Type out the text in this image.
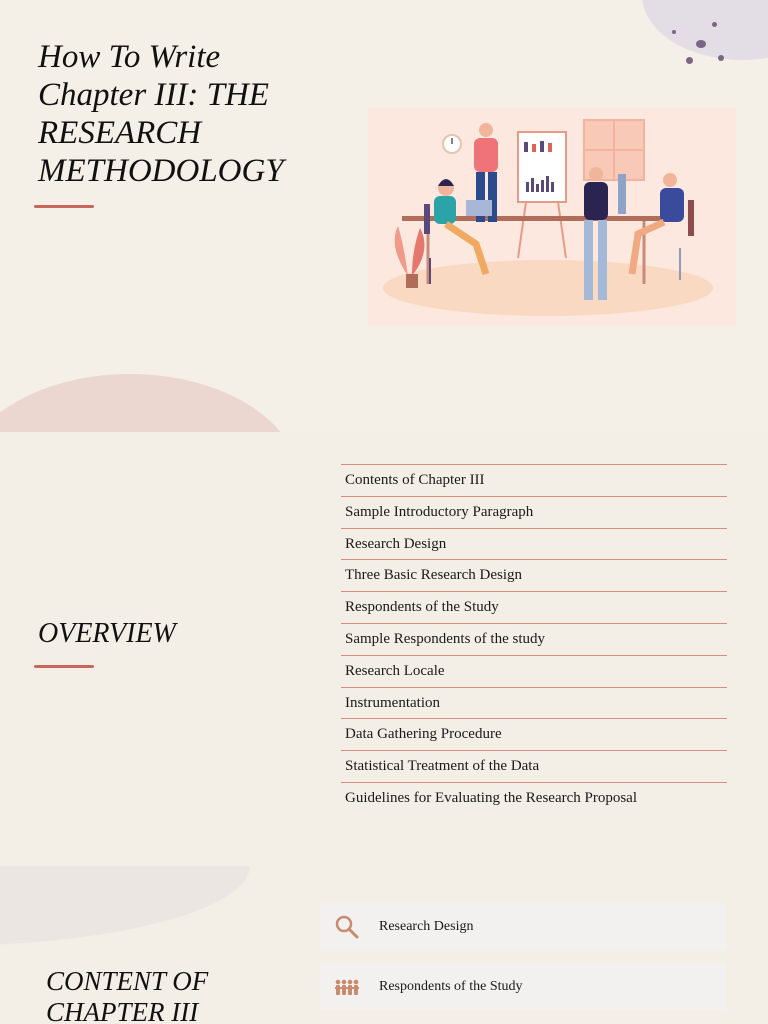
How To Write
Chapter III: THE
RESEARCH
METHODOLOGY
OVERVIEW
Contents of Chapter III
Sample Introductory Paragraph
Research Design
Three Basic Research Design
Respondents of the Study
Sample Respondents of the study
Research Locale
Instrumentation
Data Gathering Procedure
Statistical Treatment of the Data
Guidelines for Evaluating the Research Proposal
CONTENT OF
CHAPTER III
Research Design
Respondents of the Study
